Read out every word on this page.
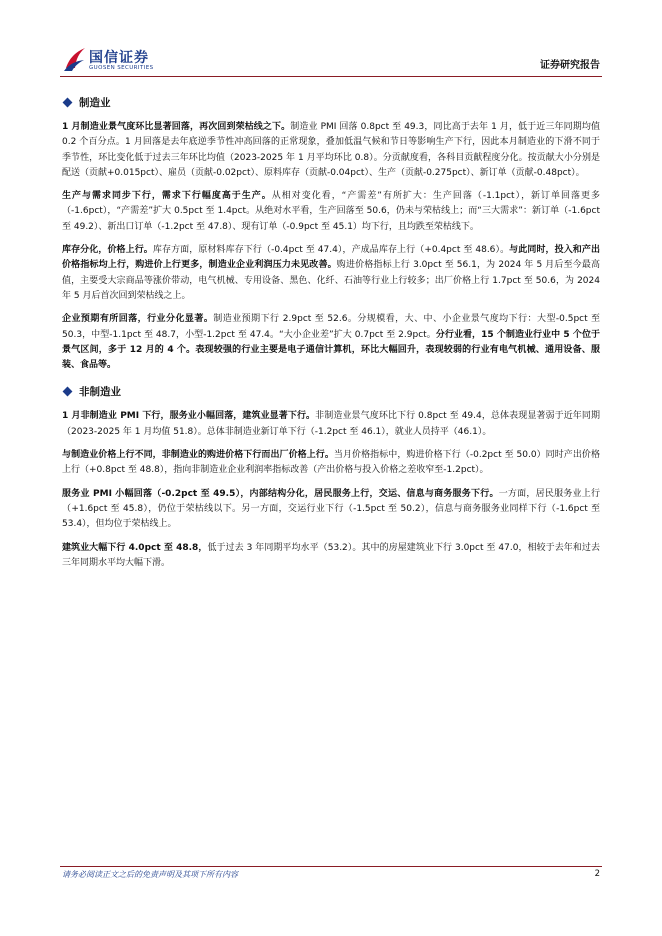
国信证券
GUOSEN SECURITIES	证券研究报告
制造业

1 月制造业景气度环比显著回落，再次回到荣枯线之下。制造业 PMI 回落 0.8pct 至 49.3，同比高于去年 1 月，低于近三年同期均值 0.2 个百分点。1 月回落是去年底逆季节性冲高回落的正常现象，叠加低温气候和节日等影响生产下行，因此本月制造业的下滑不同于季节性，环比变化低于过去三年环比均值（2023-2025 年 1 月平均环比 0.8）。分贡献度看，各科目贡献程度分化。按贡献大小分别是配送（贡献+0.015pct）、雇员（贡献-0.02pct）、原料库存（贡献-0.04pct）、生产（贡献-0.275pct）、新订单（贡献-0.48pct）。

生产与需求同步下行，需求下行幅度高于生产。从相对变化看，“产需差”有所扩大：生产回落（-1.1pct），新订单回落更多（-1.6pct），“产需差”扩大 0.5pct 至 1.4pct。从绝对水平看，生产回落至 50.6，仍未与荣枯线上；而“三大需求”：新订单（-1.6pct 至 49.2）、新出口订单（-1.2pct 至 47.8）、现有订单（-0.9pct 至 45.1）均下行，且均跌至荣枯线下。

库存分化，价格上行。库存方面，原材料库存下行（-0.4pct 至 47.4），产成品库存上行（+0.4pct 至 48.6）。与此同时，投入和产出价格指标均上行，购进价上行更多，制造业企业利润压力未见改善。购进价格指标上行 3.0pct 至 56.1，为 2024 年 5 月后至今最高值，主要受大宗商品等涨价带动，电气机械、专用设备、黑色、化纤、石油等行业上行较多；出厂价格上行 1.7pct 至 50.6，为 2024 年 5 月后首次回到荣枯线之上。

企业预期有所回落，行业分化显著。制造业预期下行 2.9pct 至 52.6。分规模看，大、中、小企业景气度均下行：大型-0.5pct 至 50.3，中型-1.1pct 至 48.7，小型-1.2pct 至 47.4。“大小企业差”扩大 0.7pct 至 2.9pct。分行业看，15 个制造业行业中 5 个位于景气区间，多于 12 月的 4 个。表现较强的行业主要是电子通信计算机，环比大幅回升，表现较弱的行业有电气机械、通用设备、服装、食品等。

非制造业

1 月非制造业 PMI 下行，服务业小幅回落，建筑业显著下行。非制造业景气度环比下行 0.8pct 至 49.4，总体表现显著弱于近年同期（2023-2025 年 1 月均值 51.8）。总体非制造业新订单下行（-1.2pct 至 46.1），就业人员持平（46.1）。

与制造业价格上行不同，非制造业的购进价格下行而出厂价格上行。当月价格指标中，购进价格下行（-0.2pct 至 50.0）同时产出价格上行（+0.8pct 至 48.8），指向非制造业企业利润率指标改善（产出价格与投入价格之差收窄至-1.2pct）。

服务业 PMI 小幅回落（-0.2pct 至 49.5），内部结构分化，居民服务上行，交运、信息与商务服务下行。一方面，居民服务业上行（+1.6pct 至 45.8），仍位于荣枯线以下。另一方面，交运行业下行（-1.5pct 至 50.2），信息与商务服务业同样下行（-1.6pct 至 53.4），但均位于荣枯线上。

建筑业大幅下行 4.0pct 至 48.8，低于过去 3 年同期平均水平（53.2）。其中的房屋建筑业下行 3.0pct 至 47.0，相较于去年和过去三年同期水平均大幅下滑。

请务必阅读正文之后的免责声明及其项下所有内容	2
